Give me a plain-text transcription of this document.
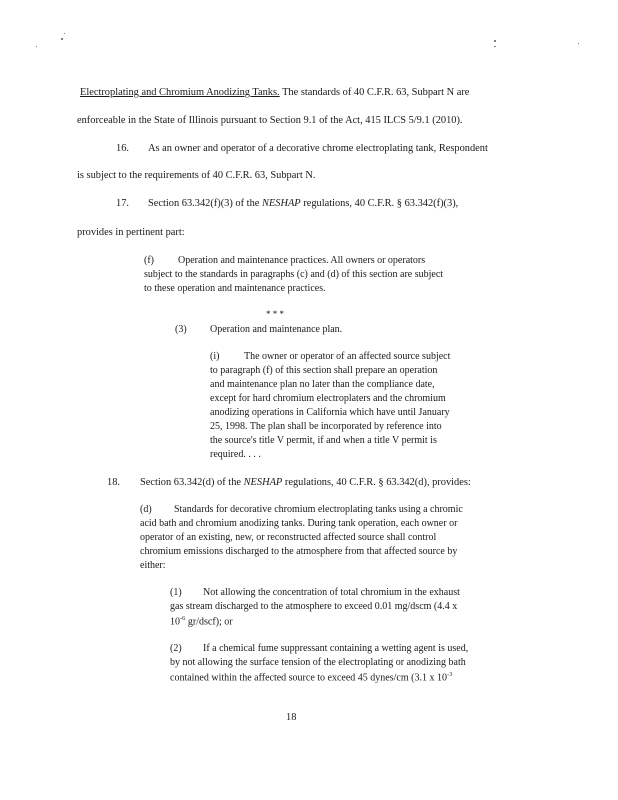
Electroplating and Chromium Anodizing Tanks. The standards of 40 C.F.R. 63, Subpart N are
enforceable in the State of Illinois pursuant to Section 9.1 of the Act, 415 ILCS 5/9.1 (2010).
16. As an owner and operator of a decorative chrome electroplating tank, Respondent
is subject to the requirements of 40 C.F.R. 63, Subpart N.
17. Section 63.342(f)(3) of the NESHAP regulations, 40 C.F.R. § 63.342(f)(3),
provides in pertinent part:
(f) Operation and maintenance practices. All owners or operators
subject to the standards in paragraphs (c) and (d) of this section are subject
to these operation and maintenance practices.
* * *
(3) Operation and maintenance plan.
(i) The owner or operator of an affected source subject
to paragraph (f) of this section shall prepare an operation
and maintenance plan no later than the compliance date,
except for hard chromium electroplaters and the chromium
anodizing operations in California which have until January
25, 1998. The plan shall be incorporated by reference into
the source's title V permit, if and when a title V permit is
required. . . .
18. Section 63.342(d) of the NESHAP regulations, 40 C.F.R. § 63.342(d), provides:
(d) Standards for decorative chromium electroplating tanks using a chromic
acid bath and chromium anodizing tanks. During tank operation, each owner or
operator of an existing, new, or reconstructed affected source shall control
chromium emissions discharged to the atmosphere from that affected source by
either:
(1) Not allowing the concentration of total chromium in the exhaust
gas stream discharged to the atmosphere to exceed 0.01 mg/dscm (4.4 x
$10^{-6}$ gr/dscf); or
(2) If a chemical fume suppressant containing a wetting agent is used,
by not allowing the surface tension of the electroplating or anodizing bath
contained within the affected source to exceed 45 dynes/cm (3.1 x $10^{-3}$
18
